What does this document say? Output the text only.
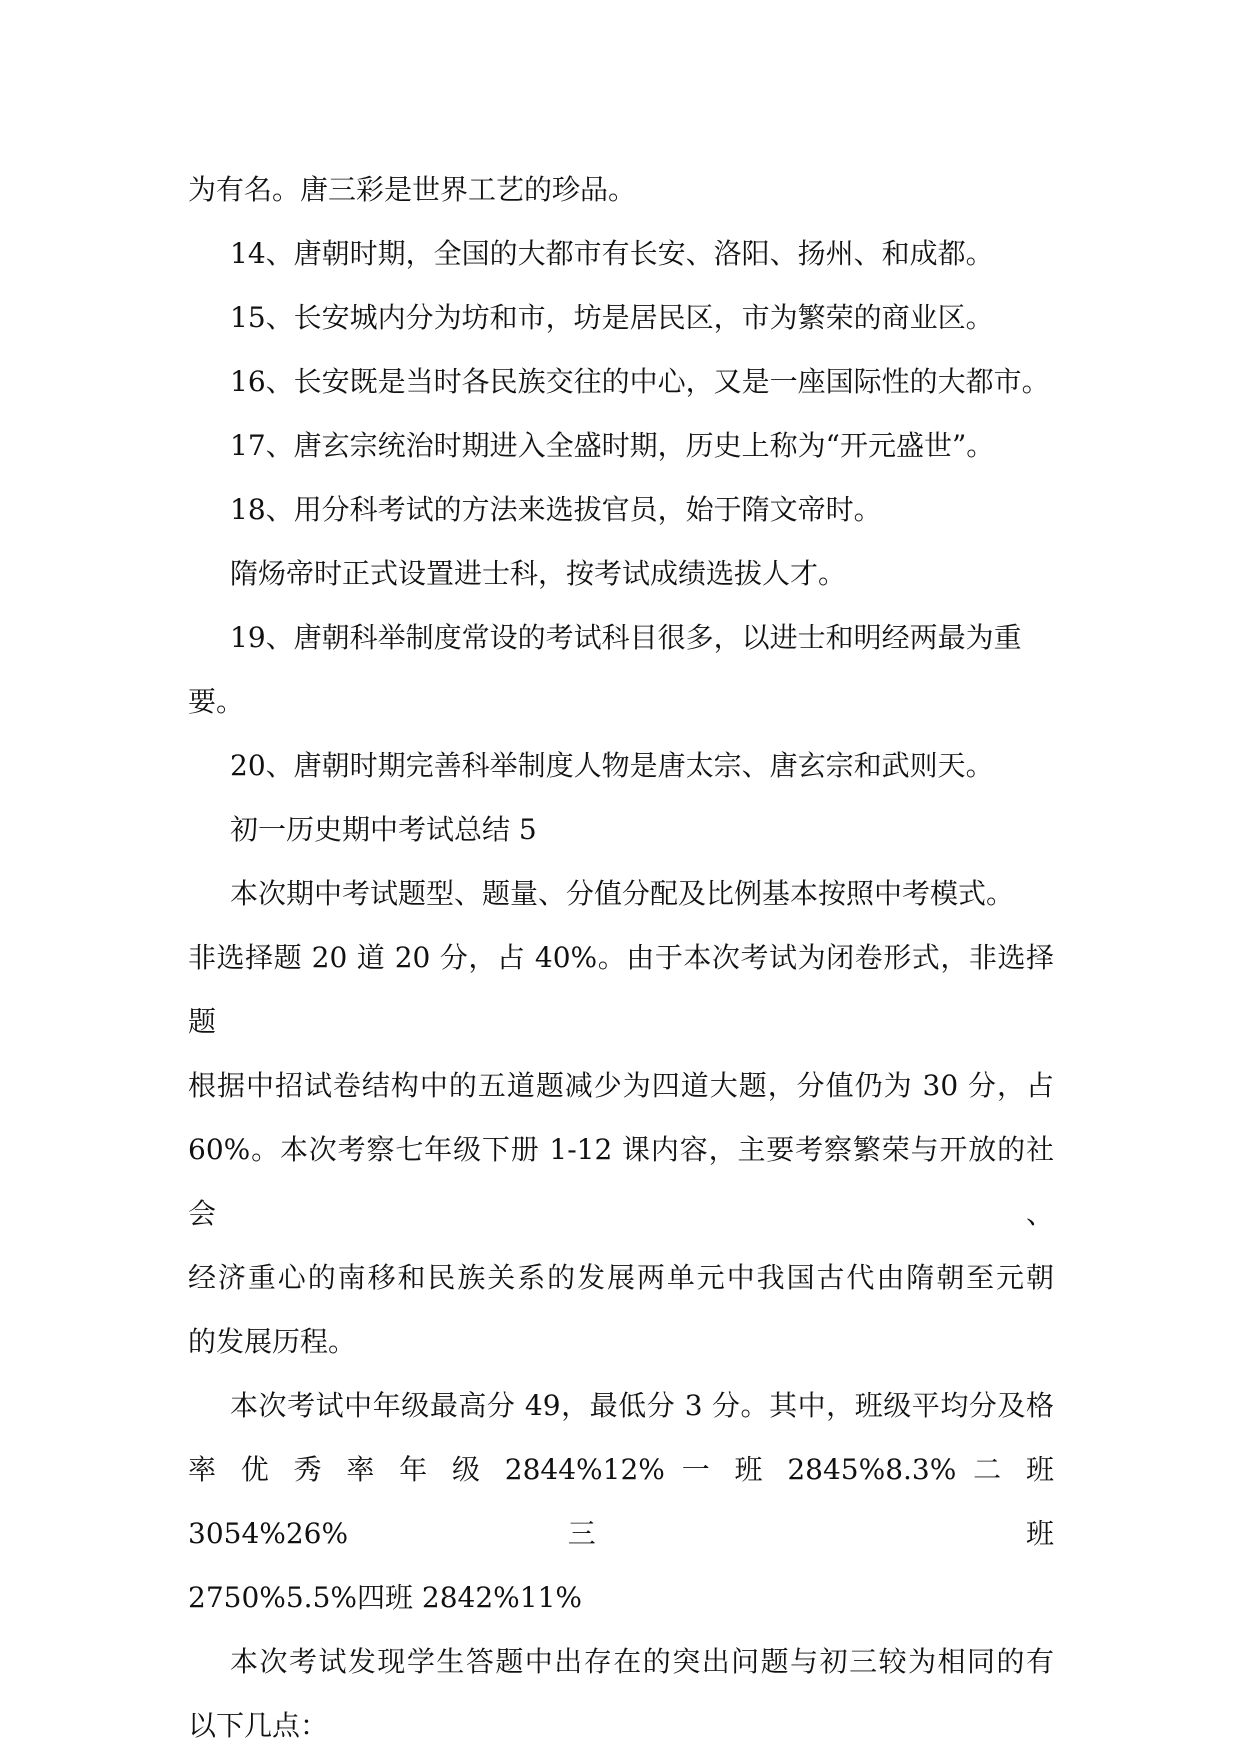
为有名。唐三彩是世界工艺的珍品。

14、唐朝时期，全国的大都市有长安、洛阳、扬州、和成都。

15、长安城内分为坊和市，坊是居民区，市为繁荣的商业区。

16、长安既是当时各民族交往的中心，又是一座国际性的大都市。

17、唐玄宗统治时期进入全盛时期，历史上称为“开元盛世”。

18、用分科考试的方法来选拔官员，始于隋文帝时。

隋炀帝时正式设置进士科，按考试成绩选拔人才。

19、唐朝科举制度常设的考试科目很多，以进士和明经两最为重

要。

20、唐朝时期完善科举制度人物是唐太宗、唐玄宗和武则天。

初一历史期中考试总结 5

本次期中考试题型、题量、分值分配及比例基本按照中考模式。

非选择题 20 道 20 分，占 40%。由于本次考试为闭卷形式，非选择题

根据中招试卷结构中的五道题减少为四道大题，分值仍为 30 分，占

60%。本次考察七年级下册 1-12 课内容，主要考察繁荣与开放的社会、

经济重心的南移和民族关系的发展两单元中我国古代由隋朝至元朝

的发展历程。

本次考试中年级最高分 49，最低分 3 分。其中，班级平均分及格

率 优 秀 率 年 级 2844%12% 一 班 2845%8.3% 二 班 3054%26% 三 班

2750%5.5%四班 2842%11%

本次考试发现学生答题中出存在的突出问题与初三较为相同的有

以下几点：
